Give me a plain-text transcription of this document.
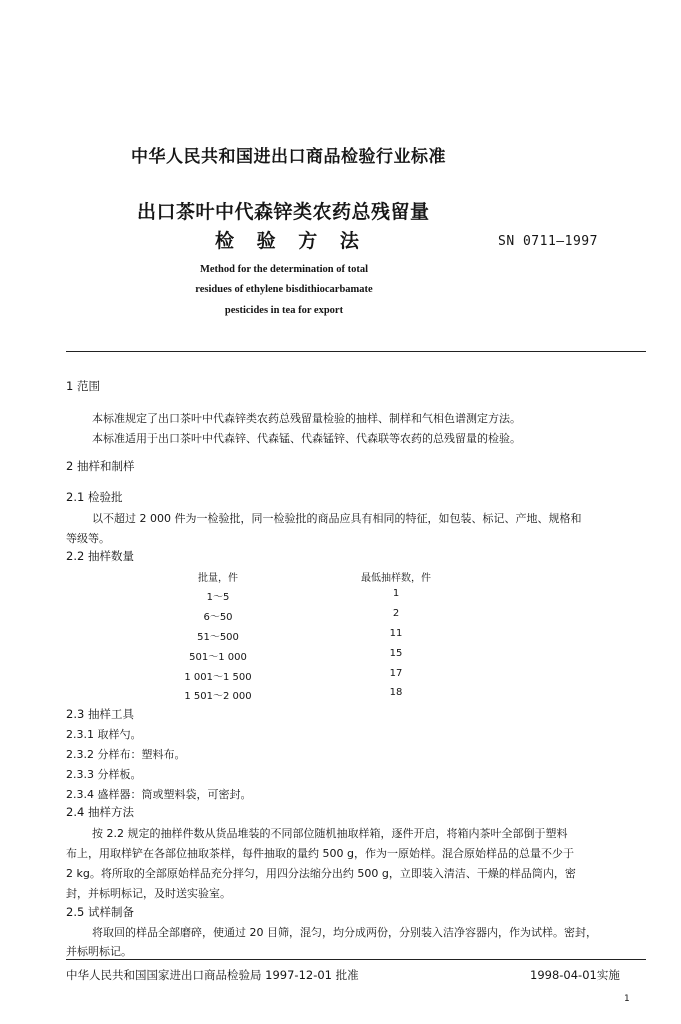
中华人民共和国进出口商品检验行业标准
出口茶叶中代森锌类农药总残留量
检 验 方 法	SN 0711—1997
Method for the determination of total
residues of ethylene bisdithiocarbamate
pesticides in tea for export
1 范围
本标准规定了出口茶叶中代森锌类农药总残留量检验的抽样、制样和气相色谱测定方法。
本标准适用于出口茶叶中代森锌、代森锰、代森锰锌、代森联等农药的总残留量的检验。
2 抽样和制样
2.1 检验批
以不超过 2 000 件为一检验批，同一检验批的商品应具有相同的特征，如包装、标记、产地、规格和
等级等。
2.2 抽样数量
批量，件	最低抽样数，件
1～5	1
6～50	2
51～500	11
501～1 000	15
1 001～1 500	17
1 501～2 000	18
2.3 抽样工具
2.3.1 取样勺。
2.3.2 分样布：塑料布。
2.3.3 分样板。
2.3.4 盛样器：筒或塑料袋，可密封。
2.4 抽样方法
按 2.2 规定的抽样件数从货品堆装的不同部位随机抽取样箱，逐件开启，将箱内茶叶全部倒于塑料
布上，用取样铲在各部位抽取茶样，每件抽取的量约 500 g，作为一原始样。混合原始样品的总量不少于
2 kg。将所取的全部原始样品充分拌匀，用四分法缩分出约 500 g，立即装入清洁、干燥的样品筒内，密
封，并标明标记，及时送实验室。
2.5 试样制备
将取回的样品全部磨碎，使通过 20 目筛，混匀，均分成两份，分别装入洁净容器内，作为试样。密封，
并标明标记。
中华人民共和国国家进出口商品检验局 1997-12-01 批准	1998-04-01实施
1
